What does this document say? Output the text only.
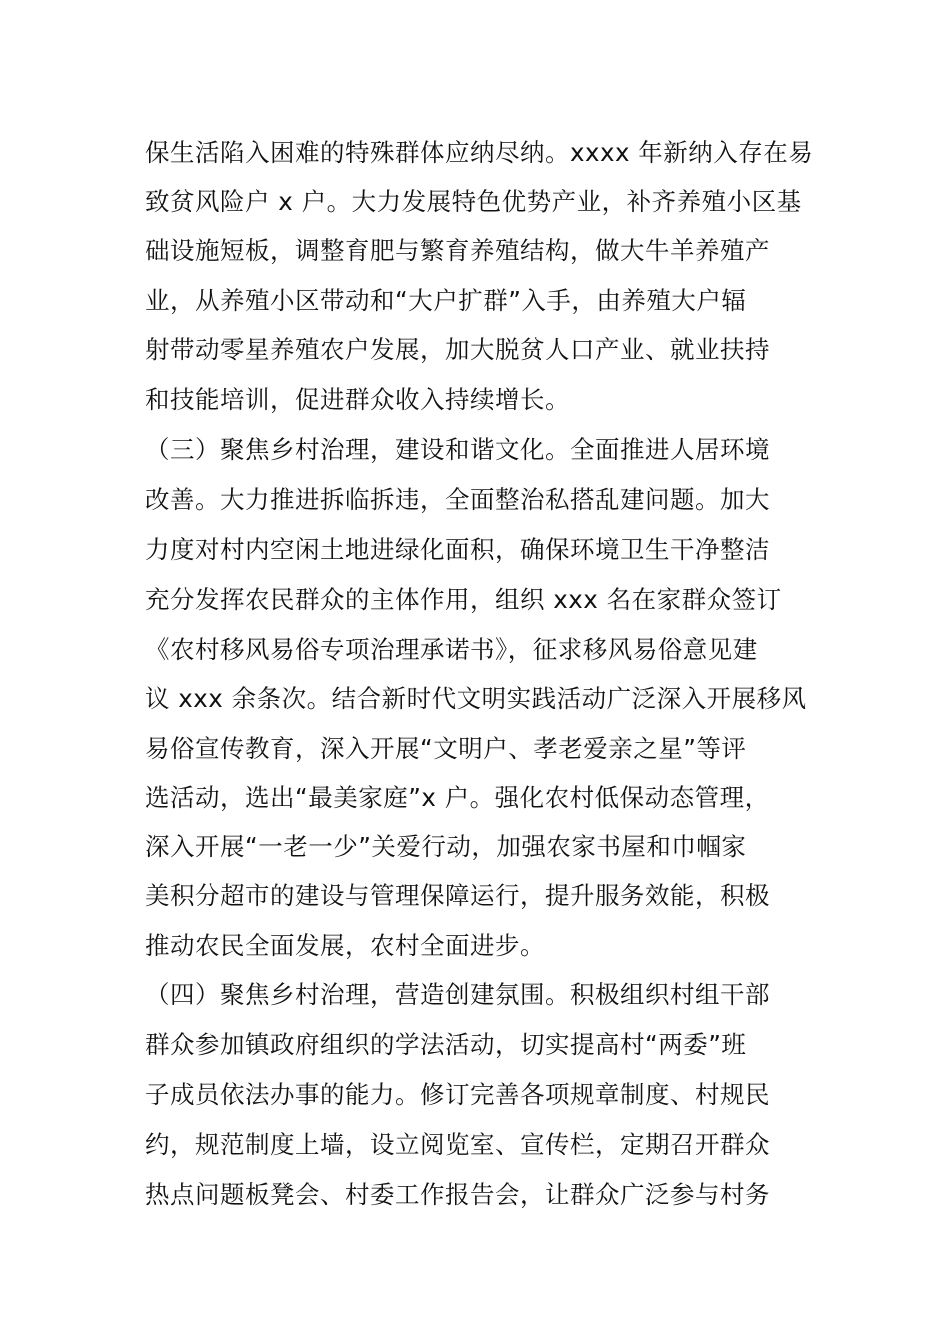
保生活陷入困难的特殊群体应纳尽纳。xxxx 年新纳入存在易
致贫风险户 x 户。大力发展特色优势产业，补齐养殖小区基
础设施短板，调整育肥与繁育养殖结构，做大牛羊养殖产
业，从养殖小区带动和“大户扩群”入手，由养殖大户辐
射带动零星养殖农户发展，加大脱贫人口产业、就业扶持
和技能培训，促进群众收入持续增长。
（三）聚焦乡村治理，建设和谐文化。全面推进人居环境
改善。大力推进拆临拆违，全面整治私搭乱建问题。加大
力度对村内空闲土地进绿化面积，确保环境卫生干净整洁
充分发挥农民群众的主体作用，组织 xxx 名在家群众签订
《农村移风易俗专项治理承诺书》，征求移风易俗意见建
议 xxx 余条次。结合新时代文明实践活动广泛深入开展移风
易俗宣传教育，深入开展“文明户、孝老爱亲之星”等评
选活动，选出“最美家庭”x 户。强化农村低保动态管理，
深入开展“一老一少”关爱行动，加强农家书屋和巾帼家
美积分超市的建设与管理保障运行，提升服务效能，积极
推动农民全面发展，农村全面进步。
（四）聚焦乡村治理，营造创建氛围。积极组织村组干部
群众参加镇政府组织的学法活动，切实提高村“两委”班
子成员依法办事的能力。修订完善各项规章制度、村规民
约，规范制度上墙，设立阅览室、宣传栏，定期召开群众
热点问题板凳会、村委工作报告会，让群众广泛参与村务
